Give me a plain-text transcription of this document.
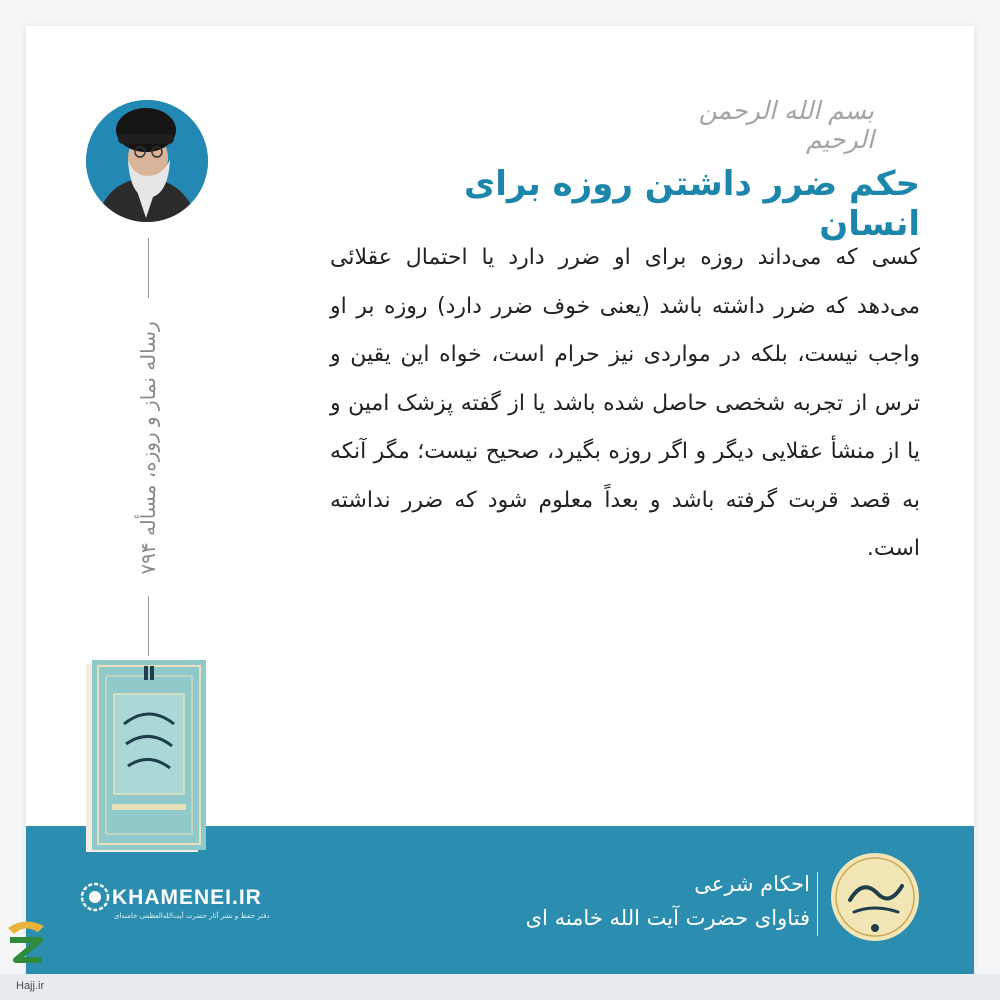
بسم الله الرحمن الرحیم
حکم ضرر داشتن روزه برای انسان
کسی که می‌داند روزه برای او ضرر دارد یا احتمال عقلائی می‌دهد که ضرر داشته باشد (یعنی خوف ضرر دارد) روزه بر او واجب نیست، بلکه در مواردی نیز حرام است، خواه این یقین و ترس از تجربه شخصی حاصل شده باشد یا از گفته پزشک امین و یا از منشأ عقلایی دیگر و اگر روزه بگیرد، صحیح نیست؛ مگر آنکه به قصد قربت گرفته باشد و بعداً معلوم شود که ضرر نداشته است.
رساله نماز و روزه، مسأله ۷۹۴
KHAMENEI.IR
دفتر حفظ و نشر آثار حضرت آیت‌الله‌العظمی خامنه‌ای
احکام شرعی
فتاوای حضرت آیت الله خامنه ای
Hajj.ir
